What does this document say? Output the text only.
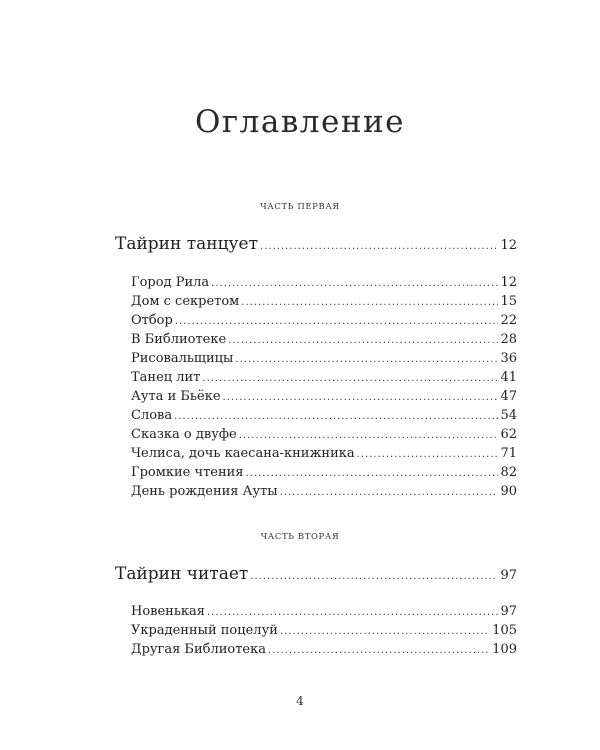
Оглавление
ЧАСТЬ ПЕРВАЯ
Тайрин танцует .....	12
Город Рила .....	12
Дом с секретом .....	15
Отбор .....	22
В Библиотеке .....	28
Рисовальщицы .....	36
Танец лит .....	41
Аута и Бьёке .....	47
Слова .....	54
Сказка о двуфе .....	62
Челиса, дочь каесана-книжника .....	71
Громкие чтения .....	82
День рождения Ауты .....	90
ЧАСТЬ ВТОРАЯ
Тайрин читает .....	97
Новенькая .....	97
Украденный поцелуй .....	105
Другая Библиотека .....	109
4
